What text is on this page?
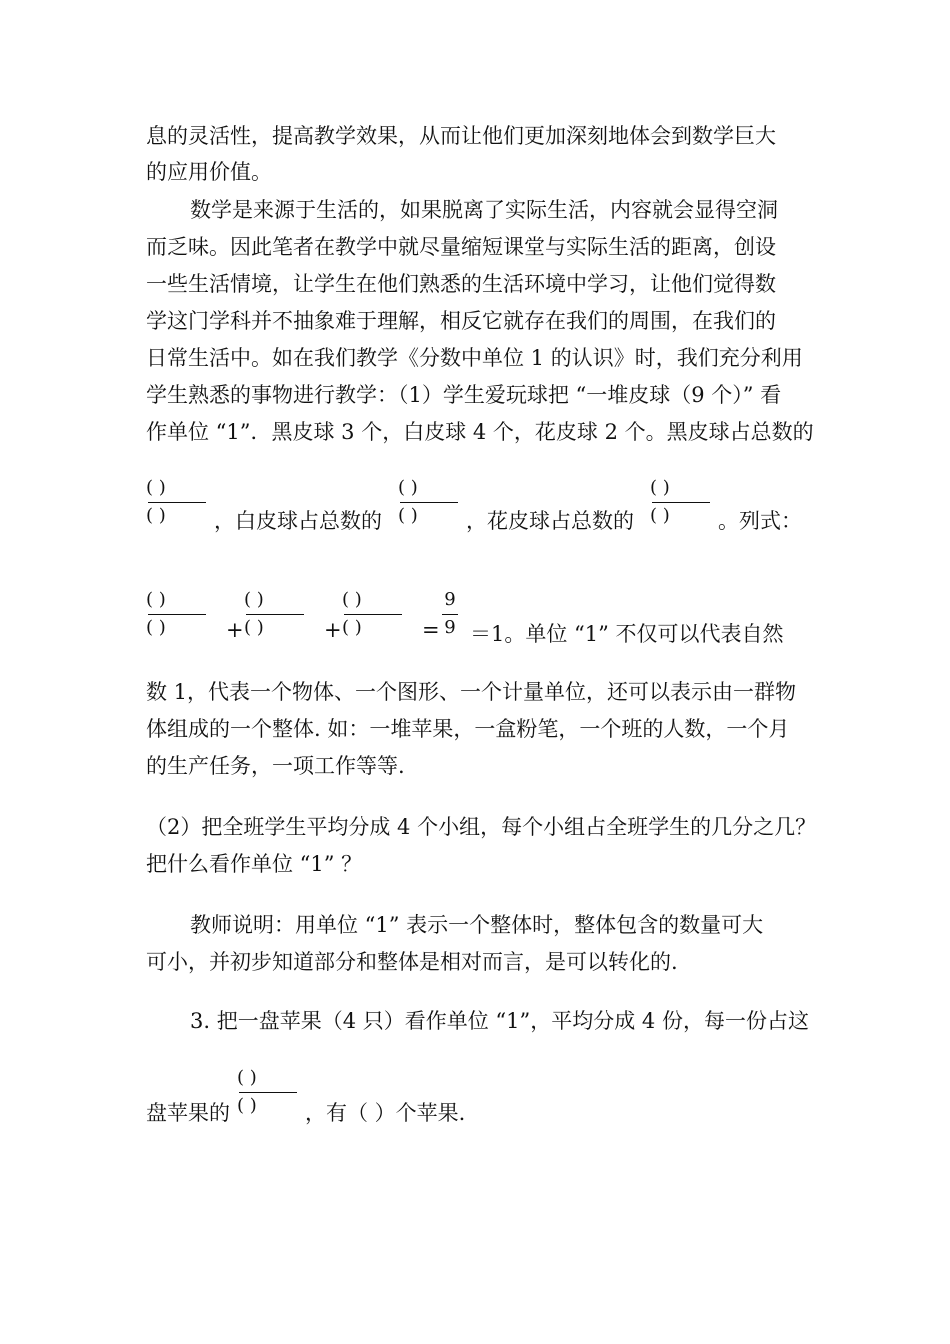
息的灵活性，提高教学效果，从而让他们更加深刻地体会到数学巨大
的应用价值。
数学是来源于生活的，如果脱离了实际生活，内容就会显得空洞
而乏味。因此笔者在教学中就尽量缩短课堂与实际生活的距离，创设
一些生活情境，让学生在他们熟悉的生活环境中学习，让他们觉得数
学这门学科并不抽象难于理解，相反它就存在我们的周围，在我们的
日常生活中。如在我们教学《分数中单位 1 的认识》时，我们充分利用
学生熟悉的事物进行教学：（1）学生爱玩球把 “一堆皮球（9 个）” 看
作单位 “1”．黑皮球 3 个，白皮球 4 个，花皮球 2 个。黑皮球占总数的
( )
( )	，白皮球占总数的
( )
( )	，花皮球占总数的
( )
( )	。列式：
( )
( )	+
( )
( )	+
( )
( )	=
9
9 ＝1。单位 “1” 不仅可以代表自然
数 1，代表一个物体、一个图形、一个计量单位，还可以表示由一群物
体组成的一个整体. 如：一堆苹果，一盒粉笔，一个班的人数，一个月
的生产任务，一项工作等等.
（2）把全班学生平均分成 4 个小组，每个小组占全班学生的几分之几？
把什么看作单位 “1” ？
教师说明：用单位 “1” 表示一个整体时，整体包含的数量可大
可小，并初步知道部分和整体是相对而言，是可以转化的.
3. 把一盘苹果（4 只）看作单位 “1”，平均分成 4 份，每一份占这
盘苹果的
( )
( )	，有（ ）个苹果.
